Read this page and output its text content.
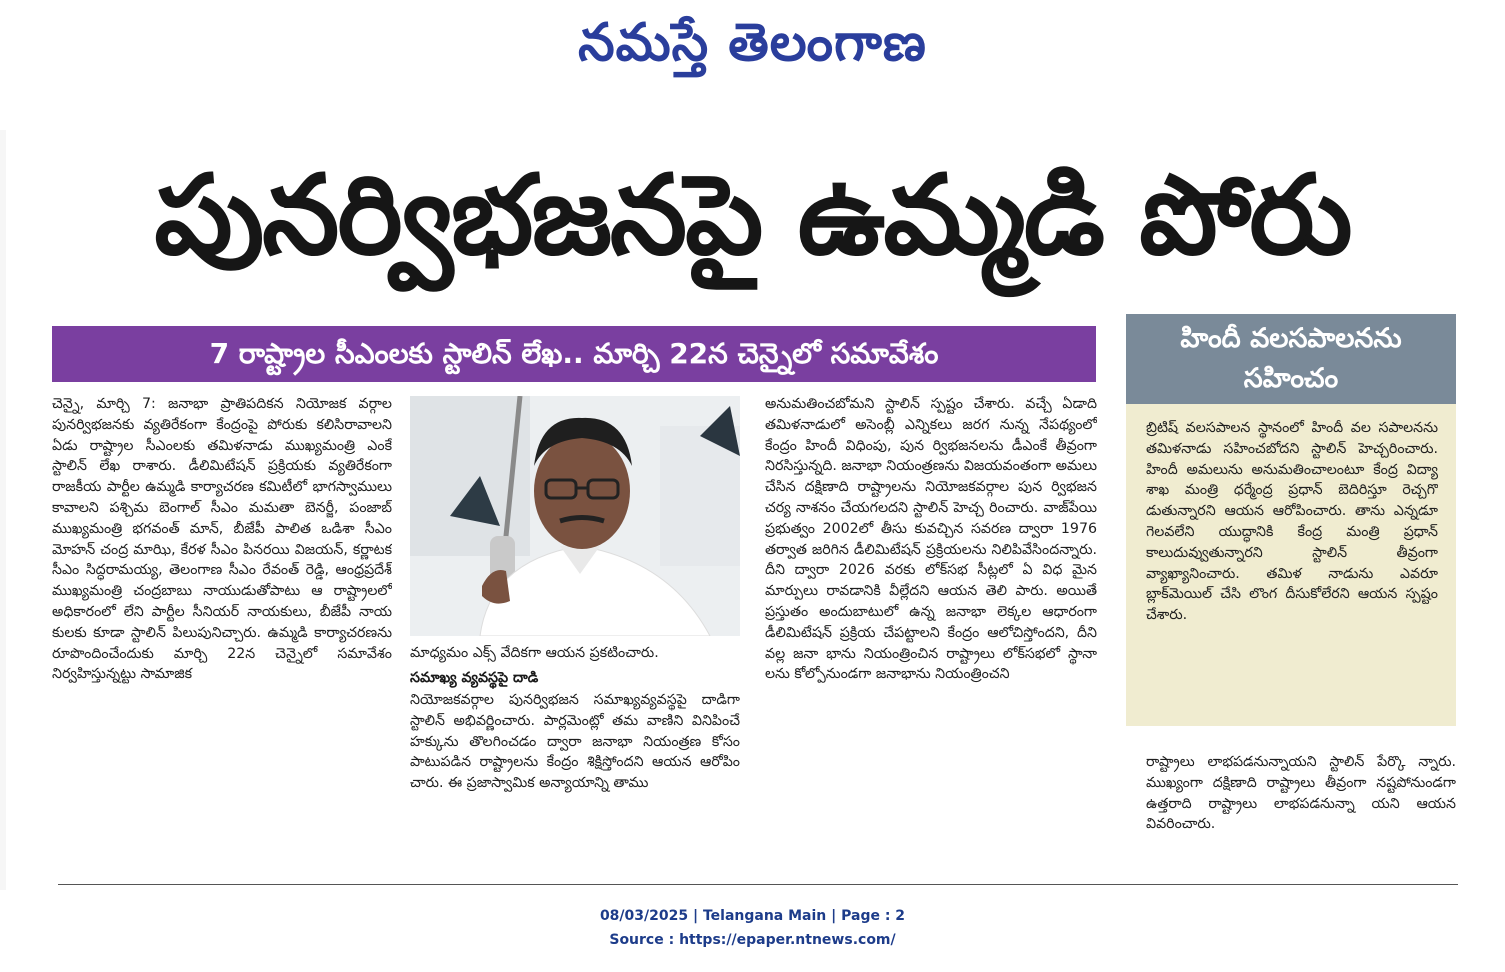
నమస్తే తెలంగాణ
పునర్విభజనపై ఉమ్మడి పోరు
7 రాష్ట్రాల సీఎంలకు స్టాలిన్ లేఖ.. మార్చి 22న చెన్నైలో సమావేశం

చెన్నై, మార్చి 7: జనాభా ప్రాతిపదికన నియోజక వర్గాల పునర్విభజనకు వ్యతిరేకంగా కేంద్రంపై పోరుకు కలిసిరావాలని ఏడు రాష్ట్రాల సీఎంలకు తమిళనాడు ముఖ్యమంత్రి ఎంకే స్టాలిన్ లేఖ రాశారు. డీలిమిటేషన్ ప్రక్రియకు వ్యతిరేకంగా రాజకీయ పార్టీల ఉమ్మడి కార్యాచరణ కమిటీలో భాగస్వాములు కావాలని పశ్చిమ బెంగాల్ సీఎం మమతా బెనర్జీ, పంజాబ్ ముఖ్యమంత్రి భగవంత్ మాన్, బీజేపీ పాలిత ఒడిశా సీఎం మోహన్ చంద్ర మాఝి, కేరళ సీఎం పినరయి విజయన్, కర్ణాటక సీఎం సిద్ధరామయ్య, తెలంగాణ సీఎం రేవంత్ రెడ్డి, ఆంధ్రప్రదేశ్ ముఖ్యమంత్రి చంద్రబాబు నాయుడుతోపాటు ఆ రాష్ట్రాలలో అధికారంలో లేని పార్టీల సీనియర్ నాయకులు, బీజేపీ నాయ కులకు కూడా స్టాలిన్ పిలుపునిచ్చారు. ఉమ్మడి కార్యాచరణను రూపొందించేందుకు మార్చి 22న చెన్నైలో సమావేశం నిర్వహిస్తున్నట్టు సామాజిక

మాధ్యమం ఎక్స్ వేదికగా ఆయన ప్రకటించారు.

సమాఖ్య వ్యవస్థపై దాడి

నియోజకవర్గాల పునర్విభజన సమాఖ్యవ్యవస్థపై దాడిగా స్టాలిన్ అభివర్ణించారు. పార్లమెంట్లో తమ వాణిని వినిపించే హక్కును తొలగించడం ద్వారా జనాభా నియంత్రణ కోసం పాటుపడిన రాష్ట్రాలను కేంద్రం శిక్షిస్తోందని ఆయన ఆరోపిం చారు. ఈ ప్రజాస్వామిక అన్యాయాన్ని తాము

అనుమతించబోమని స్టాలిన్ స్పష్టం చేశారు. వచ్చే ఏడాది తమిళనాడులో అసెంబ్లీ ఎన్నికలు జరగ నున్న నేపథ్యంలో కేంద్రం హిందీ విధింపు, పున ర్విభజనలను డీఎంకే తీవ్రంగా నిరసిస్తున్నది. జనాభా నియంత్రణను విజయవంతంగా అమలు చేసిన దక్షిణాది రాష్ట్రాలను నియోజకవర్గాల పున ర్విభజన చర్య నాశనం చేయగలదని స్టాలిన్ హెచ్చ రించారు. వాజ్‌పేయి ప్రభుత్వం 2002లో తీసు కువచ్చిన సవరణ ద్వారా 1976 తర్వాత జరిగిన డీలిమిటేషన్ ప్రక్రియలను నిలిపివేసిందన్నారు. దీని ద్వారా 2026 వరకు లోక్‌సభ సీట్లలో ఏ విధ మైన మార్పులు రావడానికి వీల్లేదని ఆయన తెలి పారు. అయితే ప్రస్తుతం అందుబాటులో ఉన్న జనాభా లెక్కల ఆధారంగా డీలిమిటేషన్ ప్రక్రియ చేపట్టాలని కేంద్రం ఆలోచిస్తోందని, దీని వల్ల జనా భాను నియంత్రించిన రాష్ట్రాలు లోక్‌సభలో స్థానా లను కోల్పోనుండగా జనాభాను నియంత్రించని

హిందీ వలసపాలనను
సహించం

బ్రిటిష్ వలసపాలన స్థానంలో హిందీ వల సపాలనను తమిళనాడు సహించబోదని స్టాలిన్ హెచ్చరించారు. హిందీ అమలును అనుమతించాలంటూ కేంద్ర విద్యా శాఖ మంత్రి ధర్మేంద్ర ప్రధాన్ బెదిరిస్తూ రెచ్చగొ డుతున్నారని ఆయన ఆరోపించారు. తాను ఎన్నడూ గెలవలేని యుద్ధానికి కేంద్ర మంత్రి ప్రధాన్ కాలుదువ్వుతున్నారని స్టాలిన్ తీవ్రంగా వ్యాఖ్యానించారు. తమిళ నాడును ఎవరూ బ్లాక్‌మెయిల్ చేసి లొంగ దీసుకోలేరని ఆయన స్పష్టం చేశారు.

రాష్ట్రాలు లాభపడనున్నాయని స్టాలిన్ పేర్కొ న్నారు. ముఖ్యంగా దక్షిణాది రాష్ట్రాలు తీవ్రంగా నష్టపోనుండగా ఉత్తరాది రాష్ట్రాలు లాభపడనున్నా యని ఆయన వివరించారు.

08/03/2025 | Telangana Main | Page : 2
Source : https://epaper.ntnews.com/
